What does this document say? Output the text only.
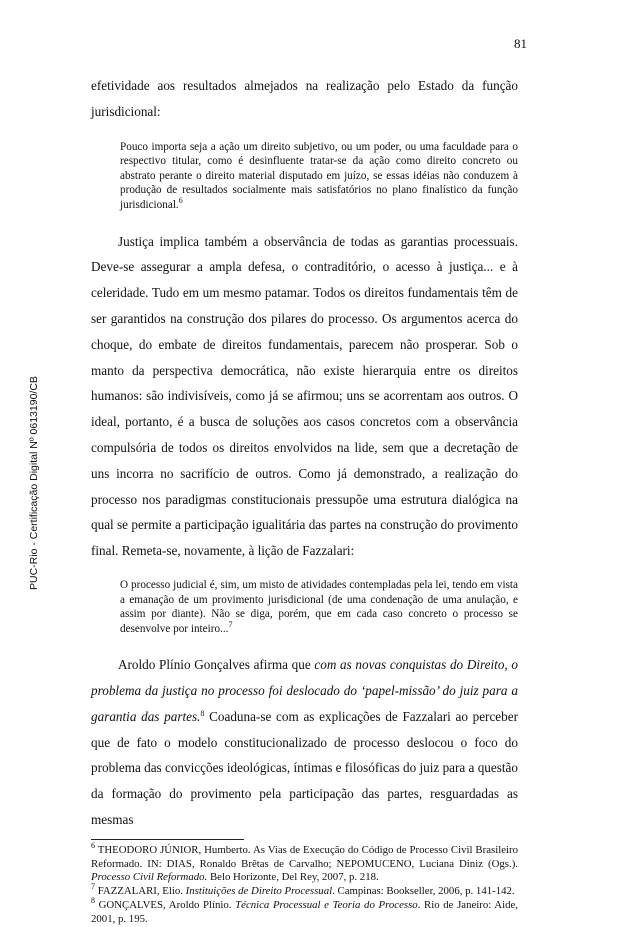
81
PUC-Rio - Certificação Digital Nº 0613190/CB

efetividade aos resultados almejados na realização pelo Estado da função jurisdicional:

Pouco importa seja a ação um direito subjetivo, ou um poder, ou uma faculdade para o respectivo titular, como é desinfluente tratar-se da ação como direito concreto ou abstrato perante o direito material disputado em juízo, se essas idéias não conduzem à produção de resultados socialmente mais satisfatórios no plano finalístico da função jurisdicional.$^6$

Justiça implica também a observância de todas as garantias processuais. Deve-se assegurar a ampla defesa, o contraditório, o acesso à justiça... e à celeridade. Tudo em um mesmo patamar. Todos os direitos fundamentais têm de ser garantidos na construção dos pilares do processo. Os argumentos acerca do choque, do embate de direitos fundamentais, parecem não prosperar. Sob o manto da perspectiva democrática, não existe hierarquia entre os direitos humanos: são indivisíveis, como já se afirmou; uns se acorrentam aos outros. O ideal, portanto, é a busca de soluções aos casos concretos com a observância compulsória de todos os direitos envolvidos na lide, sem que a decretação de uns incorra no sacrifício de outros. Como já demonstrado, a realização do processo nos paradigmas constitucionais pressupõe uma estrutura dialógica na qual se permite a participação igualitária das partes na construção do provimento final. Remeta-se, novamente, à lição de Fazzalari:

O processo judicial é, sim, um misto de atividades contempladas pela lei, tendo em vista a emanação de um provimento jurisdicional (de uma condenação de uma anulação, e assim por diante). Não se diga, porém, que em cada caso concreto o processo se desenvolve por inteiro...$^7$

Aroldo Plínio Gonçalves afirma que com as novas conquistas do Direito, o problema da justiça no processo foi deslocado do ‘papel-missão’ do juiz para a garantia das partes.$^8$ Coaduna-se com as explicações de Fazzalari ao perceber que de fato o modelo constitucionalizado de processo deslocou o foco do problema das convicções ideológicas, íntimas e filosóficas do juiz para a questão da formação do provimento pela participação das partes, resguardadas as mesmas

$^6$ THEODORO JÚNIOR, Humberto. As Vias de Execução do Código de Processo Civil Brasileiro Reformado. IN: DIAS, Ronaldo Brêtas de Carvalho; NEPOMUCENO, Luciana Diniz (Ogs.). Processo Civil Reformado. Belo Horizonte, Del Rey, 2007, p. 218.

$^7$ FAZZALARI, Elio. Instituições de Direito Processual. Campinas: Bookseller, 2006, p. 141-142.

$^8$ GONÇALVES, Aroldo Plínio. Técnica Processual e Teoria do Processo. Rio de Janeiro: Aide, 2001, p. 195.
